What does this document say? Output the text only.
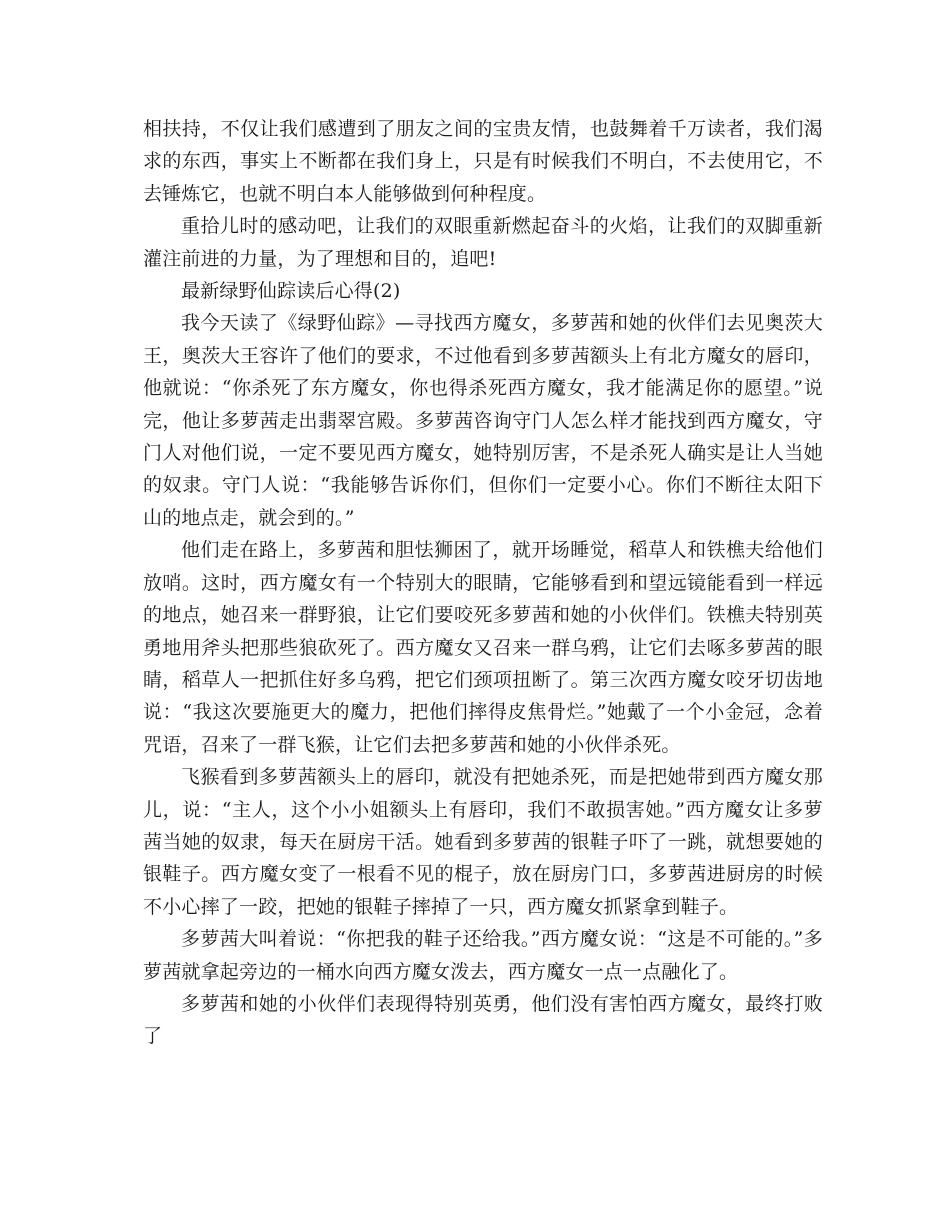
相扶持，不仅让我们感遭到了朋友之间的宝贵友情，也鼓舞着千万读者，我们渴求的东西，事实上不断都在我们身上，只是有时候我们不明白，不去使用它，不去锤炼它，也就不明白本人能够做到何种程度。

重拾儿时的感动吧，让我们的双眼重新燃起奋斗的火焰，让我们的双脚重新灌注前进的力量，为了理想和目的，追吧!

最新绿野仙踪读后心得(2)

我今天读了《绿野仙踪》—寻找西方魔女，多萝茜和她的伙伴们去见奥茨大王，奥茨大王容许了他们的要求，不过他看到多萝茜额头上有北方魔女的唇印，他就说：“你杀死了东方魔女，你也得杀死西方魔女，我才能满足你的愿望。”说完，他让多萝茜走出翡翠宫殿。多萝茜咨询守门人怎么样才能找到西方魔女，守门人对他们说，一定不要见西方魔女，她特别厉害，不是杀死人确实是让人当她的奴隶。守门人说：“我能够告诉你们，但你们一定要小心。你们不断往太阳下山的地点走，就会到的。”

他们走在路上，多萝茜和胆怯狮困了，就开场睡觉，稻草人和铁樵夫给他们放哨。这时，西方魔女有一个特别大的眼睛，它能够看到和望远镜能看到一样远的地点，她召来一群野狼，让它们要咬死多萝茜和她的小伙伴们。铁樵夫特别英勇地用斧头把那些狼砍死了。西方魔女又召来一群乌鸦，让它们去啄多萝茜的眼睛，稻草人一把抓住好多乌鸦，把它们颈项扭断了。第三次西方魔女咬牙切齿地说：“我这次要施更大的魔力，把他们摔得皮焦骨烂。”她戴了一个小金冠，念着咒语，召来了一群飞猴，让它们去把多萝茜和她的小伙伴杀死。

飞猴看到多萝茜额头上的唇印，就没有把她杀死，而是把她带到西方魔女那儿，说：“主人，这个小小姐额头上有唇印，我们不敢损害她。”西方魔女让多萝茜当她的奴隶，每天在厨房干活。她看到多萝茜的银鞋子吓了一跳，就想要她的银鞋子。西方魔女变了一根看不见的棍子，放在厨房门口，多萝茜进厨房的时候不小心摔了一跤，把她的银鞋子摔掉了一只，西方魔女抓紧拿到鞋子。

多萝茜大叫着说：“你把我的鞋子还给我。”西方魔女说：“这是不可能的。”多萝茜就拿起旁边的一桶水向西方魔女泼去，西方魔女一点一点融化了。

多萝茜和她的小伙伴们表现得特别英勇，他们没有害怕西方魔女，最终打败了
